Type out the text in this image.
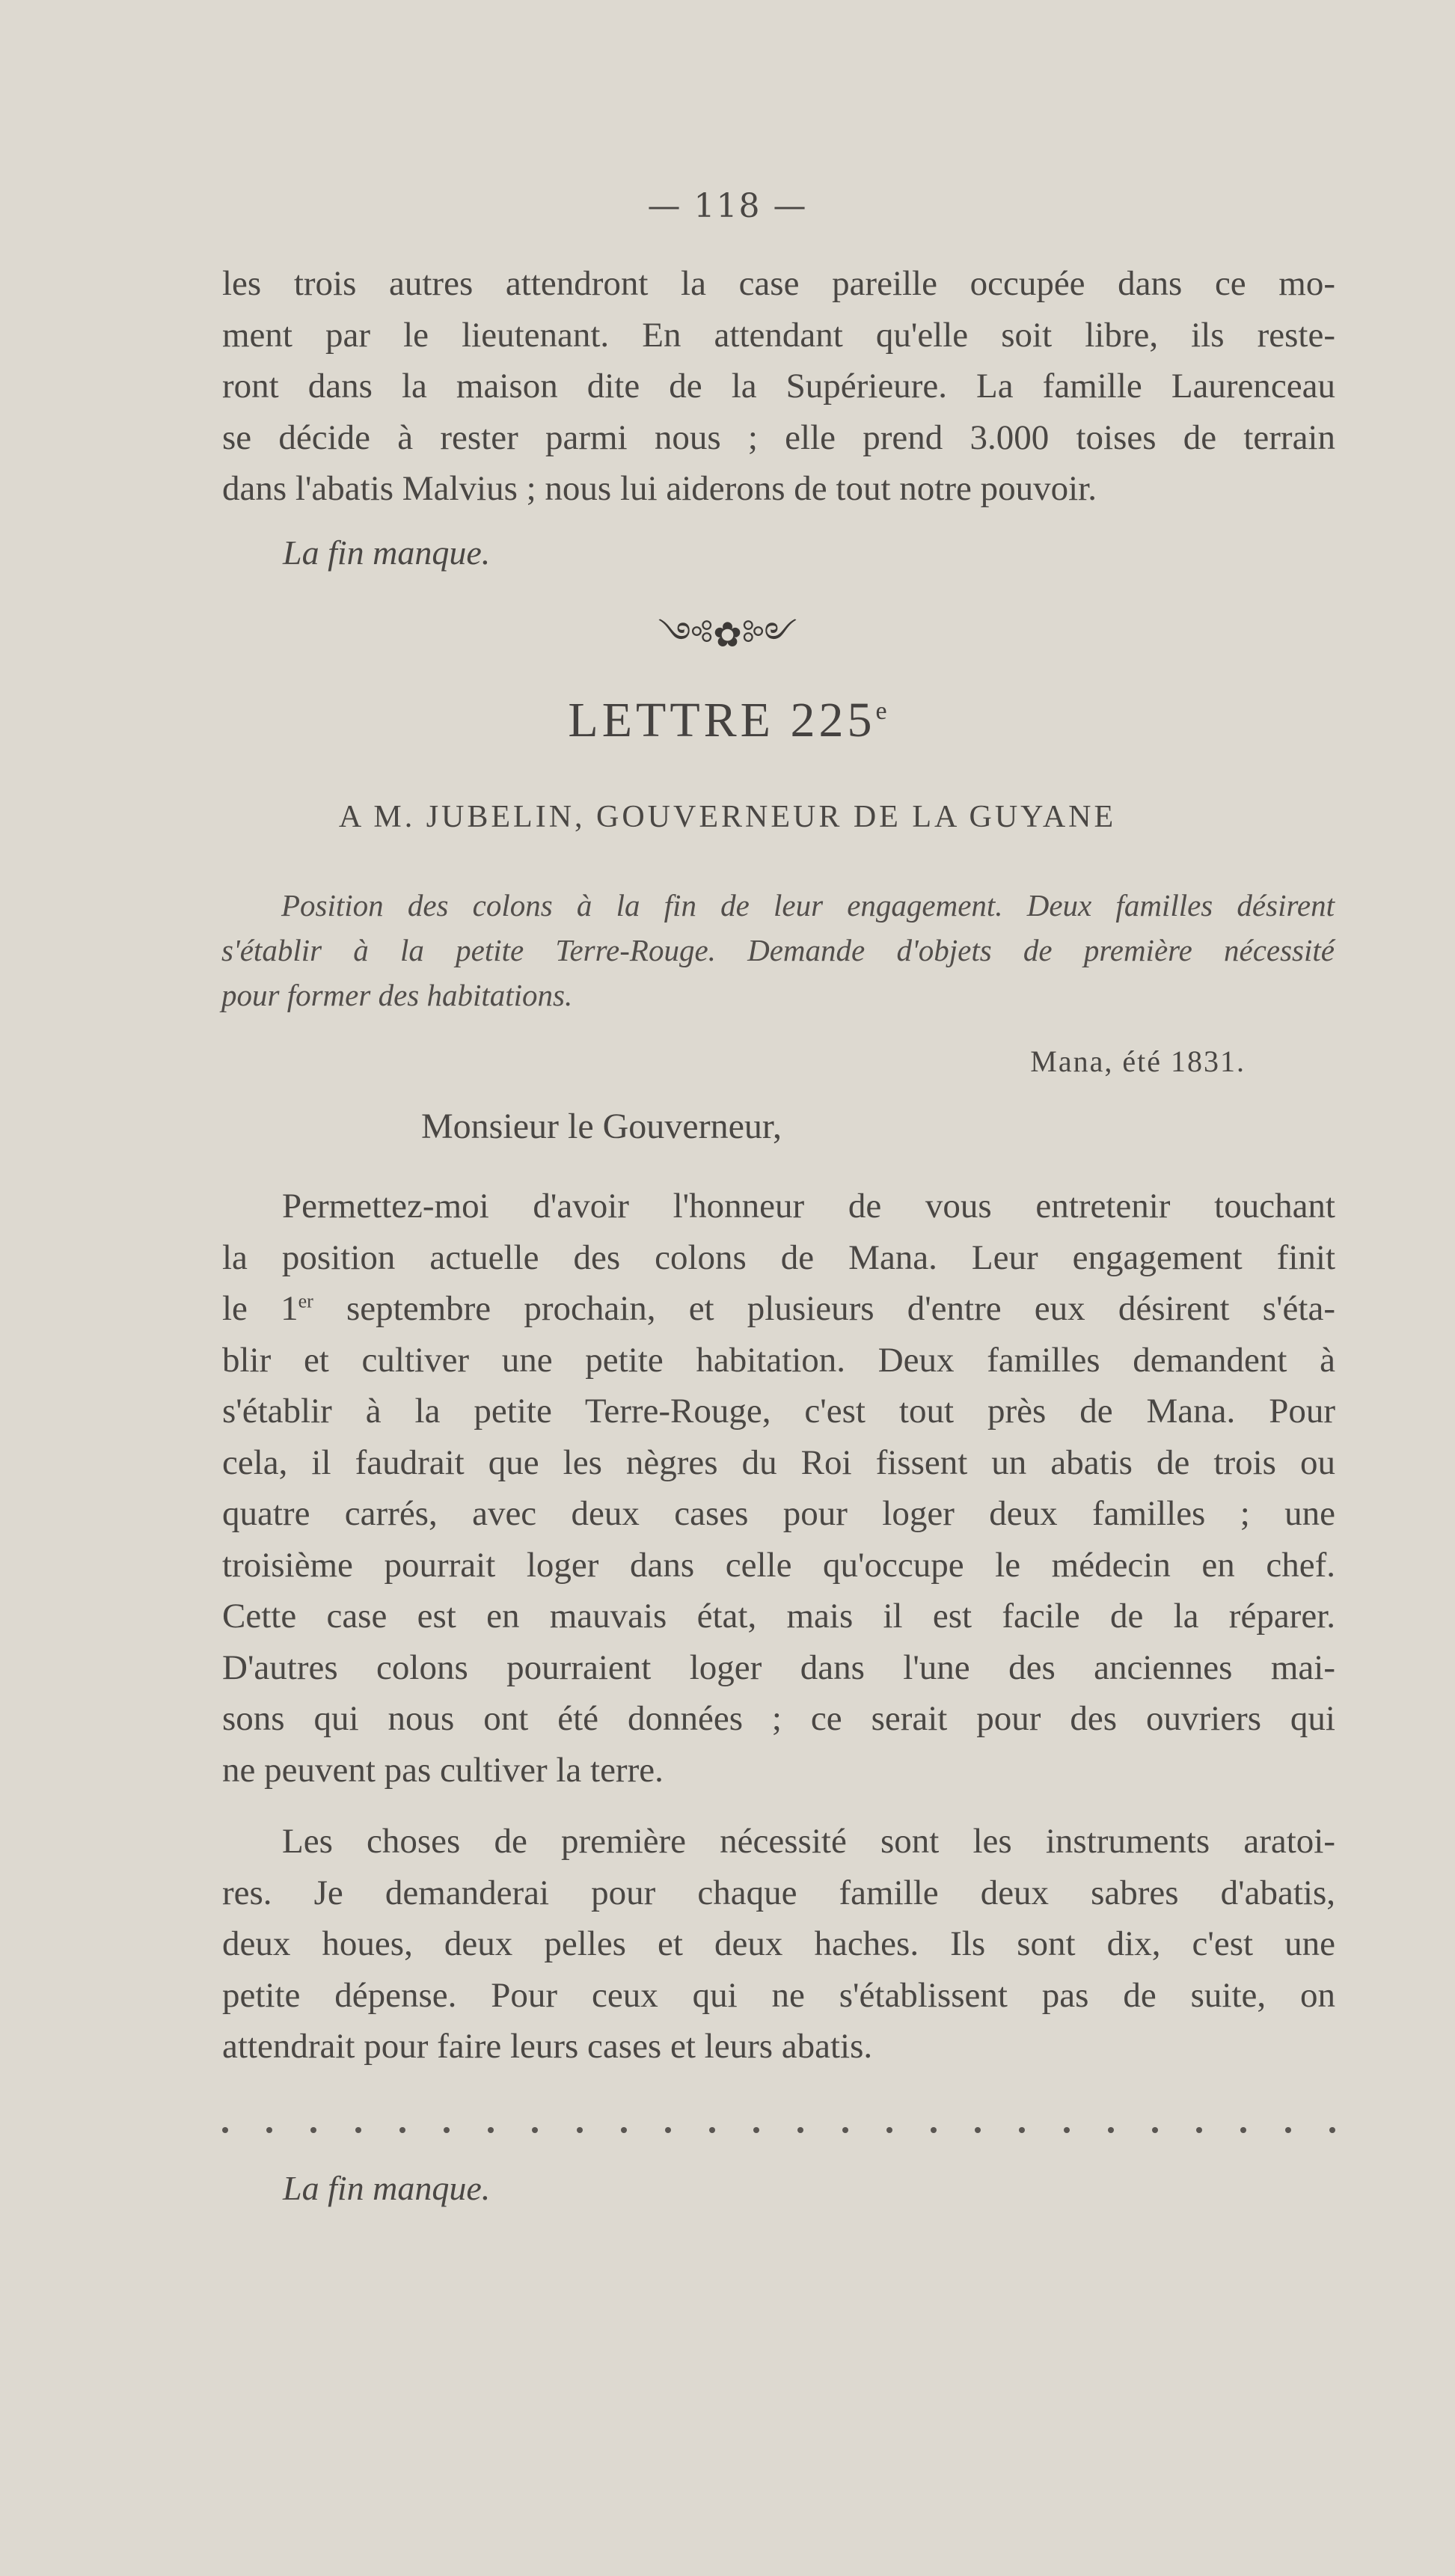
— 118 —
les trois autres attendront la case pareille occupée dans ce mo-
ment par le lieutenant. En attendant qu'elle soit libre, ils reste-
ront dans la maison dite de la Supérieure. La famille Laurenceau
se décide à rester parmi nous ; elle prend 3.000 toises de terrain
dans l'abatis Malvius ; nous lui aiderons de tout notre pouvoir.
La fin manque.
༺✿༻
LETTRE 225e
A M. JUBELIN, GOUVERNEUR DE LA GUYANE
Position des colons à la fin de leur engagement. Deux familles désirent
s'établir à la petite Terre-Rouge. Demande d'objets de première nécessité
pour former des habitations.
Mana, été 1831.
Monsieur le Gouverneur,
Permettez-moi d'avoir l'honneur de vous entretenir touchant
la position actuelle des colons de Mana. Leur engagement finit
le 1er septembre prochain, et plusieurs d'entre eux désirent s'éta-
blir et cultiver une petite habitation. Deux familles demandent à
s'établir à la petite Terre-Rouge, c'est tout près de Mana. Pour
cela, il faudrait que les nègres du Roi fissent un abatis de trois ou
quatre carrés, avec deux cases pour loger deux familles ; une
troisième pourrait loger dans celle qu'occupe le médecin en chef.
Cette case est en mauvais état, mais il est facile de la réparer.
D'autres colons pourraient loger dans l'une des anciennes mai-
sons qui nous ont été données ; ce serait pour des ouvriers qui
ne peuvent pas cultiver la terre.
Les choses de première nécessité sont les instruments aratoi-
res. Je demanderai pour chaque famille deux sabres d'abatis,
deux houes, deux pelles et deux haches. Ils sont dix, c'est une
petite dépense. Pour ceux qui ne s'établissent pas de suite, on
attendrait pour faire leurs cases et leurs abatis.
La fin manque.
